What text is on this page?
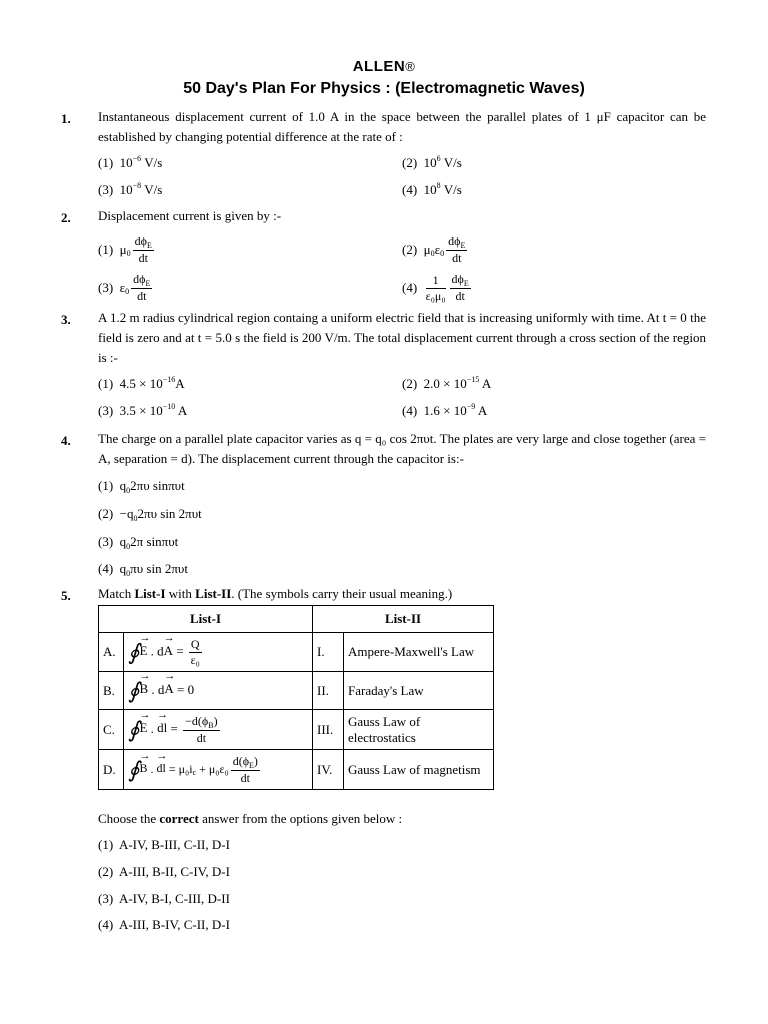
ALLEN®
50 Day's Plan For Physics : (Electromagnetic Waves)
1. Instantaneous displacement current of 1.0 A in the space between the parallel plates of 1 μF capacitor can be established by changing potential difference at the rate of :
(1) $10^{-6}$ V/s	(2) $10^6$ V/s
(3) $10^{-8}$ V/s	(4) $10^8$ V/s
2. Displacement current is given by :-
(1) $\mu_0 \frac{d\phi_E}{dt}$	(2) $\mu_0\varepsilon_0 \frac{d\phi_E}{dt}$
(3) $\varepsilon_0 \frac{d\phi_E}{dt}$	$(4) \frac{1}{\text{ε₀μ₀}} \frac{d\phi_E}{dt}$
3. A 1.2 m radius cylindrical region containg a uniform electric field that is increasing uniformly with time. At t = 0 the field is zero and at t = 5.0 s the field is 200 V/m. The total displacement current through a cross section of the region is :-
(1) $4.5 \times 10^{-16}A$	(2) $2.0 \times 10^{-15}$ A
(3) $3.5 \times 10^{-10}$ A	(4) $1.6 \times 10^{-9}$ A
4. The charge on a parallel plate capacitor varies as q = q₀ cos 2πυt. The plates are very large and close together (area = A, separation = d). The displacement current through the capacitor is:-
(1) $q_02\pi\upsilon$ sinπυt
$(2) -q_02\pi\upsilon$ sin 2πυt
(3) $q_02\pi$ sinπυt
(4) $q_0\pi\upsilon$ sin 2πυt
5. Match List-I with List-II. (The symbols carry their usual meaning.)
List-I		List-II	
A.	∮→ E . $d\to A = \frac{Q}{\text{ε₀}}$	I.	Ampere-Maxwell's Law
B.	∮→ B . d→ A = 0	II.	Faraday's Law
C.	∮→ E . → dl = $\frac{-d(\phi_B)}{dt}$	III.	Gauss Law of electrostatics
D.	∮→ B . → dl = $\mu_0i_c + \mu_0\varepsilon_0 \frac{d(\phi_E)}{dt}$	IV.	Gauss Law of magnetism
Choose the correct answer from the options given below :
(1) A-IV, B-III, C-II, D-I
(2) A-III, B-II, C-IV, D-I
(3) A-IV, B-I, C-III, D-II
(4) A-III, B-IV, C-II, D-I
